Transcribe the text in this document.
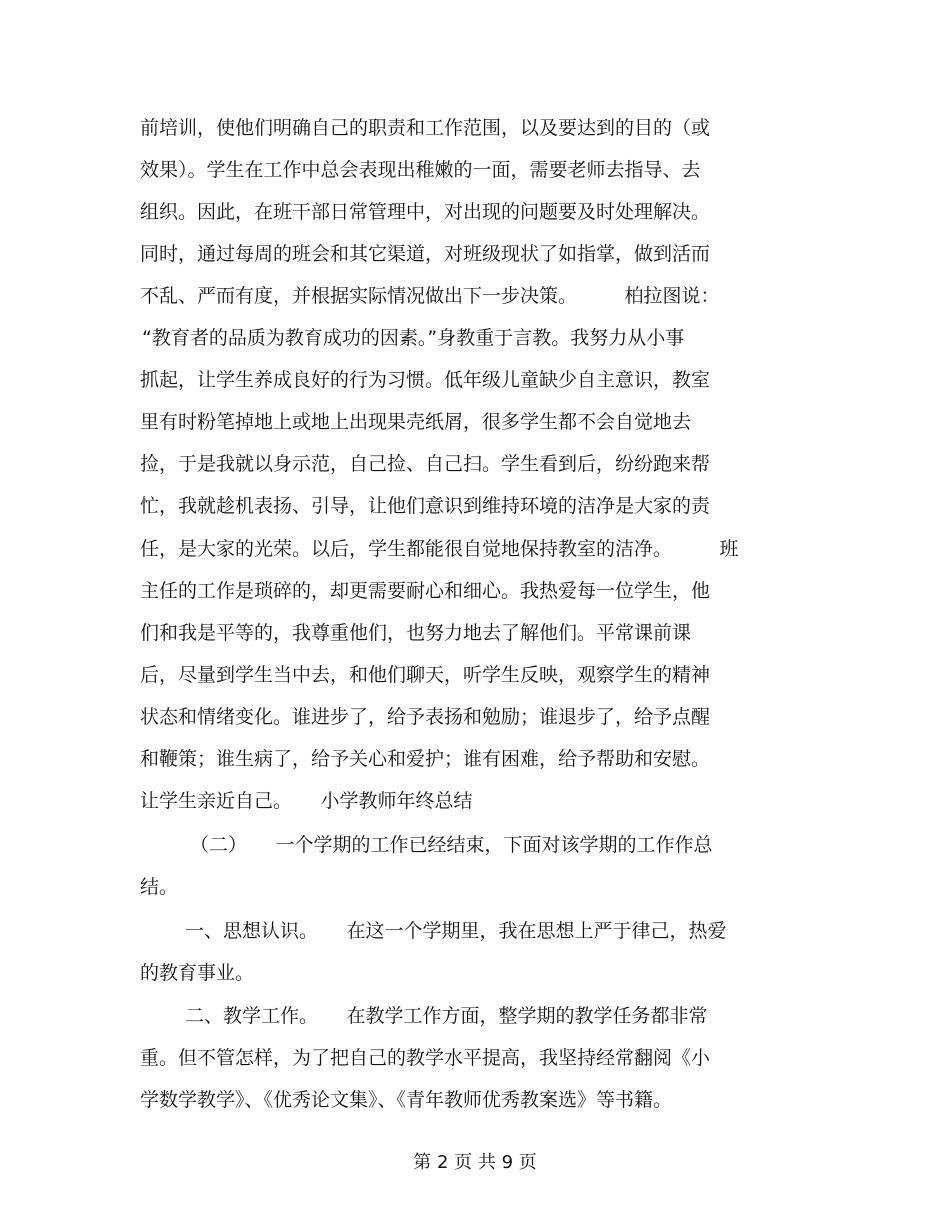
前培训，使他们明确自己的职责和工作范围，以及要达到的目的（或
效果）。学生在工作中总会表现出稚嫩的一面，需要老师去指导、去
组织。因此，在班干部日常管理中，对出现的问题要及时处理解决。
同时，通过每周的班会和其它渠道，对班级现状了如指掌，做到活而
不乱、严而有度，并根据实际情况做出下一步决策。　　　柏拉图说：
“教育者的品质为教育成功的因素。”身教重于言教。我努力从小事
抓起，让学生养成良好的行为习惯。低年级儿童缺少自主意识，教室
里有时粉笔掉地上或地上出现果壳纸屑，很多学生都不会自觉地去
捡，于是我就以身示范，自己捡、自己扫。学生看到后，纷纷跑来帮
忙，我就趁机表扬、引导，让他们意识到维持环境的洁净是大家的责
任，是大家的光荣。以后，学生都能很自觉地保持教室的洁净。　　　班
主任的工作是琐碎的，却更需要耐心和细心。我热爱每一位学生，他
们和我是平等的，我尊重他们，也努力地去了解他们。平常课前课
后，尽量到学生当中去，和他们聊天，听学生反映，观察学生的精神
状态和情绪变化。谁进步了，给予表扬和勉励；谁退步了，给予点醒
和鞭策；谁生病了，给予关心和爱护；谁有困难，给予帮助和安慰。
让学生亲近自己。　　小学教师年终总结
（二）　　一个学期的工作已经结束，下面对该学期的工作作总
结。
一、思想认识。　　在这一个学期里，我在思想上严于律己，热爱
的教育事业。
二、教学工作。　　在教学工作方面，整学期的教学任务都非常
重。但不管怎样，为了把自己的教学水平提高，我坚持经常翻阅《小
学数学教学》、《优秀论文集》、《青年教师优秀教案选》等书籍。
第 2 页 共 9 页
